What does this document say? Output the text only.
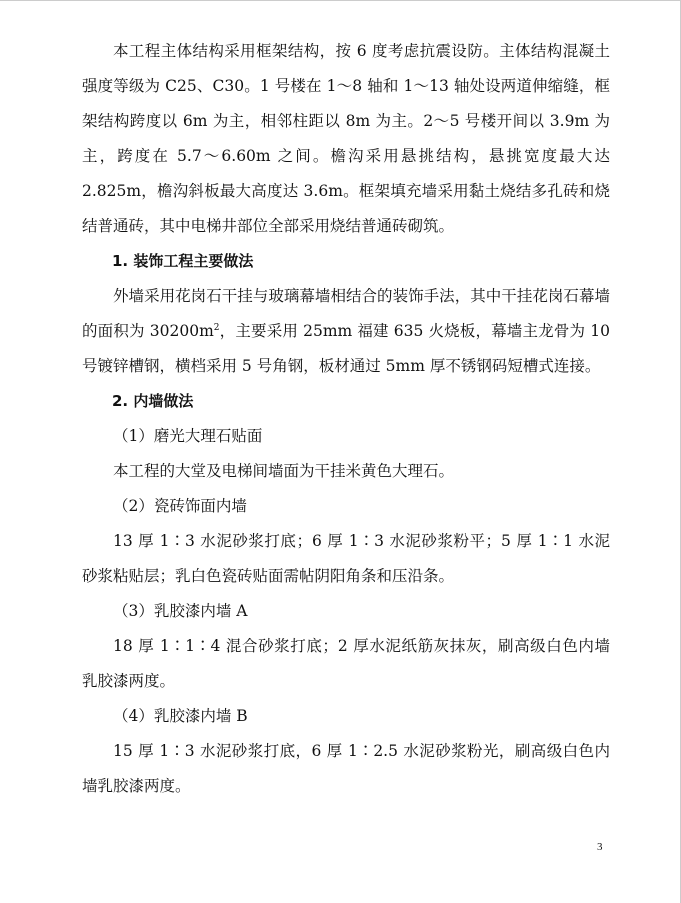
本工程主体结构采用框架结构，按 6 度考虑抗震设防。主体结构混凝土强度等级为 C25、C30。1 号楼在 1～8 轴和 1～13 轴处设两道伸缩缝，框架结构跨度以 6m 为主，相邻柱距以 8m 为主。2～5 号楼开间以 3.9m 为主，跨度在 5.7～6.60m 之间。檐沟采用悬挑结构，悬挑宽度最大达 2.825m，檐沟斜板最大高度达 3.6m。框架填充墙采用黏土烧结多孔砖和烧结普通砖，其中电梯井部位全部采用烧结普通砖砌筑。

1. 装饰工程主要做法

外墙采用花岗石干挂与玻璃幕墙相结合的装饰手法，其中干挂花岗石幕墙的面积为 $30200m^2$，主要采用 25mm 福建 635 火烧板，幕墙主龙骨为 10 号镀锌槽钢，横档采用 5 号角钢，板材通过 5mm 厚不锈钢码短槽式连接。

2. 内墙做法

（1）磨光大理石贴面

本工程的大堂及电梯间墙面为干挂米黄色大理石。

（2）瓷砖饰面内墙

13 厚 1∶3 水泥砂浆打底；6 厚 1∶3 水泥砂浆粉平；5 厚 1∶1 水泥砂浆粘贴层；乳白色瓷砖贴面需帖阴阳角条和压沿条。

（3）乳胶漆内墙 A

18 厚 1∶1∶4 混合砂浆打底；2 厚水泥纸筋灰抹灰，刷高级白色内墙乳胶漆两度。

（4）乳胶漆内墙 B

15 厚 1∶3 水泥砂浆打底，6 厚 1∶2.5 水泥砂浆粉光，刷高级白色内墙乳胶漆两度。

3
